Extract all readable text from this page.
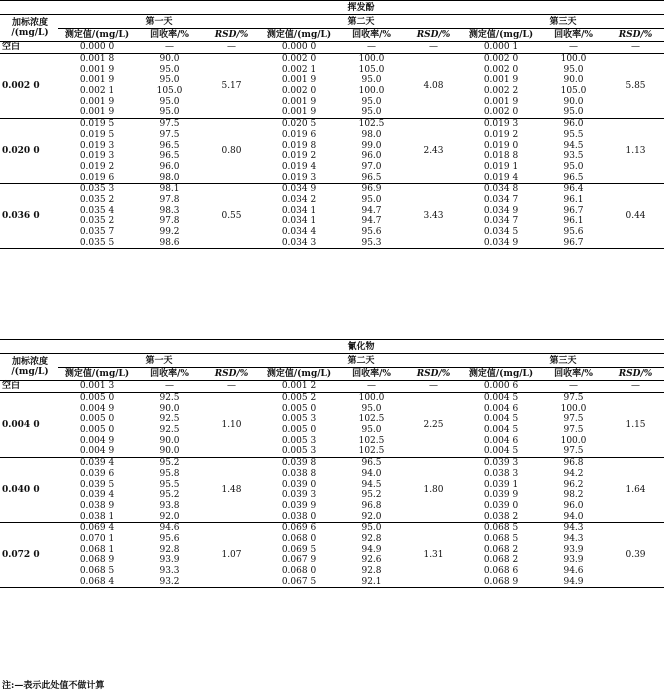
	挥发酚								

加标浓度
/(mg/L)	第一天			第二天			第三天		
	测定值/(mg/L)	回收率/%	RSD/%	测定值/(mg/L)	回收率/%	RSD/%	测定值/(mg/L)	回收率/%	RSD/%
空白	0.000 0	—	—	0.000 0	—	—	0.000 1	—	—
0.002 0	0.001 8	90.0	5.17	0.002 0	100.0	4.08	0.002 0	100.0	5.85
	0.001 9	95.0		0.002 1	105.0		0.002 0	95.0	
	0.001 9	95.0		0.001 9	95.0		0.001 9	90.0	
	0.002 1	105.0		0.002 0	100.0		0.002 2	105.0	
	0.001 9	95.0		0.001 9	95.0		0.001 9	90.0	
	0.001 9	95.0		0.001 9	95.0		0.002 0	95.0	
0.020 0	0.019 5	97.5	0.80	0.020 5	102.5	2.43	0.019 3	96.0	1.13
	0.019 5	97.5		0.019 6	98.0		0.019 2	95.5	
	0.019 3	96.5		0.019 8	99.0		0.019 0	94.5	
	0.019 3	96.5		0.019 2	96.0		0.018 8	93.5	
	0.019 2	96.0		0.019 4	97.0		0.019 1	95.0	
	0.019 6	98.0		0.019 3	96.5		0.019 4	96.5	
0.036 0	0.035 3	98.1	0.55	0.034 9	96.9	3.43	0.034 8	96.4	0.44
	0.035 2	97.8		0.034 2	95.0		0.034 7	96.1	
	0.035 4	98.3		0.034 1	94.7		0.034 9	96.7	
	0.035 2	97.8		0.034 1	94.7		0.034 7	96.1	
	0.035 7	99.2		0.034 4	95.6		0.034 5	95.6	
	0.035 5	98.6		0.034 3	95.3		0.034 9	96.7	
	氰化物								

加标浓度
/(mg/L)	第一天			第二天			第三天		
	测定值/(mg/L)	回收率/%	RSD/%	测定值/(mg/L)	回收率/%	RSD/%	测定值/(mg/L)	回收率/%	RSD/%
空白	0.001 3	—	—	0.001 2	—	—	0.000 6	—	—
0.004 0	0.005 0	92.5	1.10	0.005 2	100.0	2.25	0.004 5	97.5	1.15
	0.004 9	90.0		0.005 0	95.0		0.004 6	100.0	
	0.005 0	92.5		0.005 3	102.5		0.004 5	97.5	
	0.005 0	92.5		0.005 0	95.0		0.004 5	97.5	
	0.004 9	90.0		0.005 3	102.5		0.004 6	100.0	
	0.004 9	90.0		0.005 3	102.5		0.004 5	97.5	
0.040 0	0.039 4	95.2	1.48	0.039 8	96.5	1.80	0.039 3	96.8	1.64
	0.039 6	95.8		0.038 8	94.0		0.038 3	94.2	
	0.039 5	95.5		0.039 0	94.5		0.039 1	96.2	
	0.039 4	95.2		0.039 3	95.2		0.039 9	98.2	
	0.038 9	93.8		0.039 9	96.8		0.039 0	96.0	
	0.038 1	92.0		0.038 0	92.0		0.038 2	94.0	
0.072 0	0.069 4	94.6	1.07	0.069 6	95.0	1.31	0.068 5	94.3	0.39
	0.070 1	95.6		0.068 0	92.8		0.068 5	94.3	
	0.068 1	92.8		0.069 5	94.9		0.068 2	93.9	
	0.068 9	93.9		0.067 9	92.6		0.068 2	93.9	
	0.068 5	93.3		0.068 0	92.8		0.068 6	94.6	
	0.068 4	93.2		0.067 5	92.1		0.068 9	94.9	
注:—表示此处值不做计算
